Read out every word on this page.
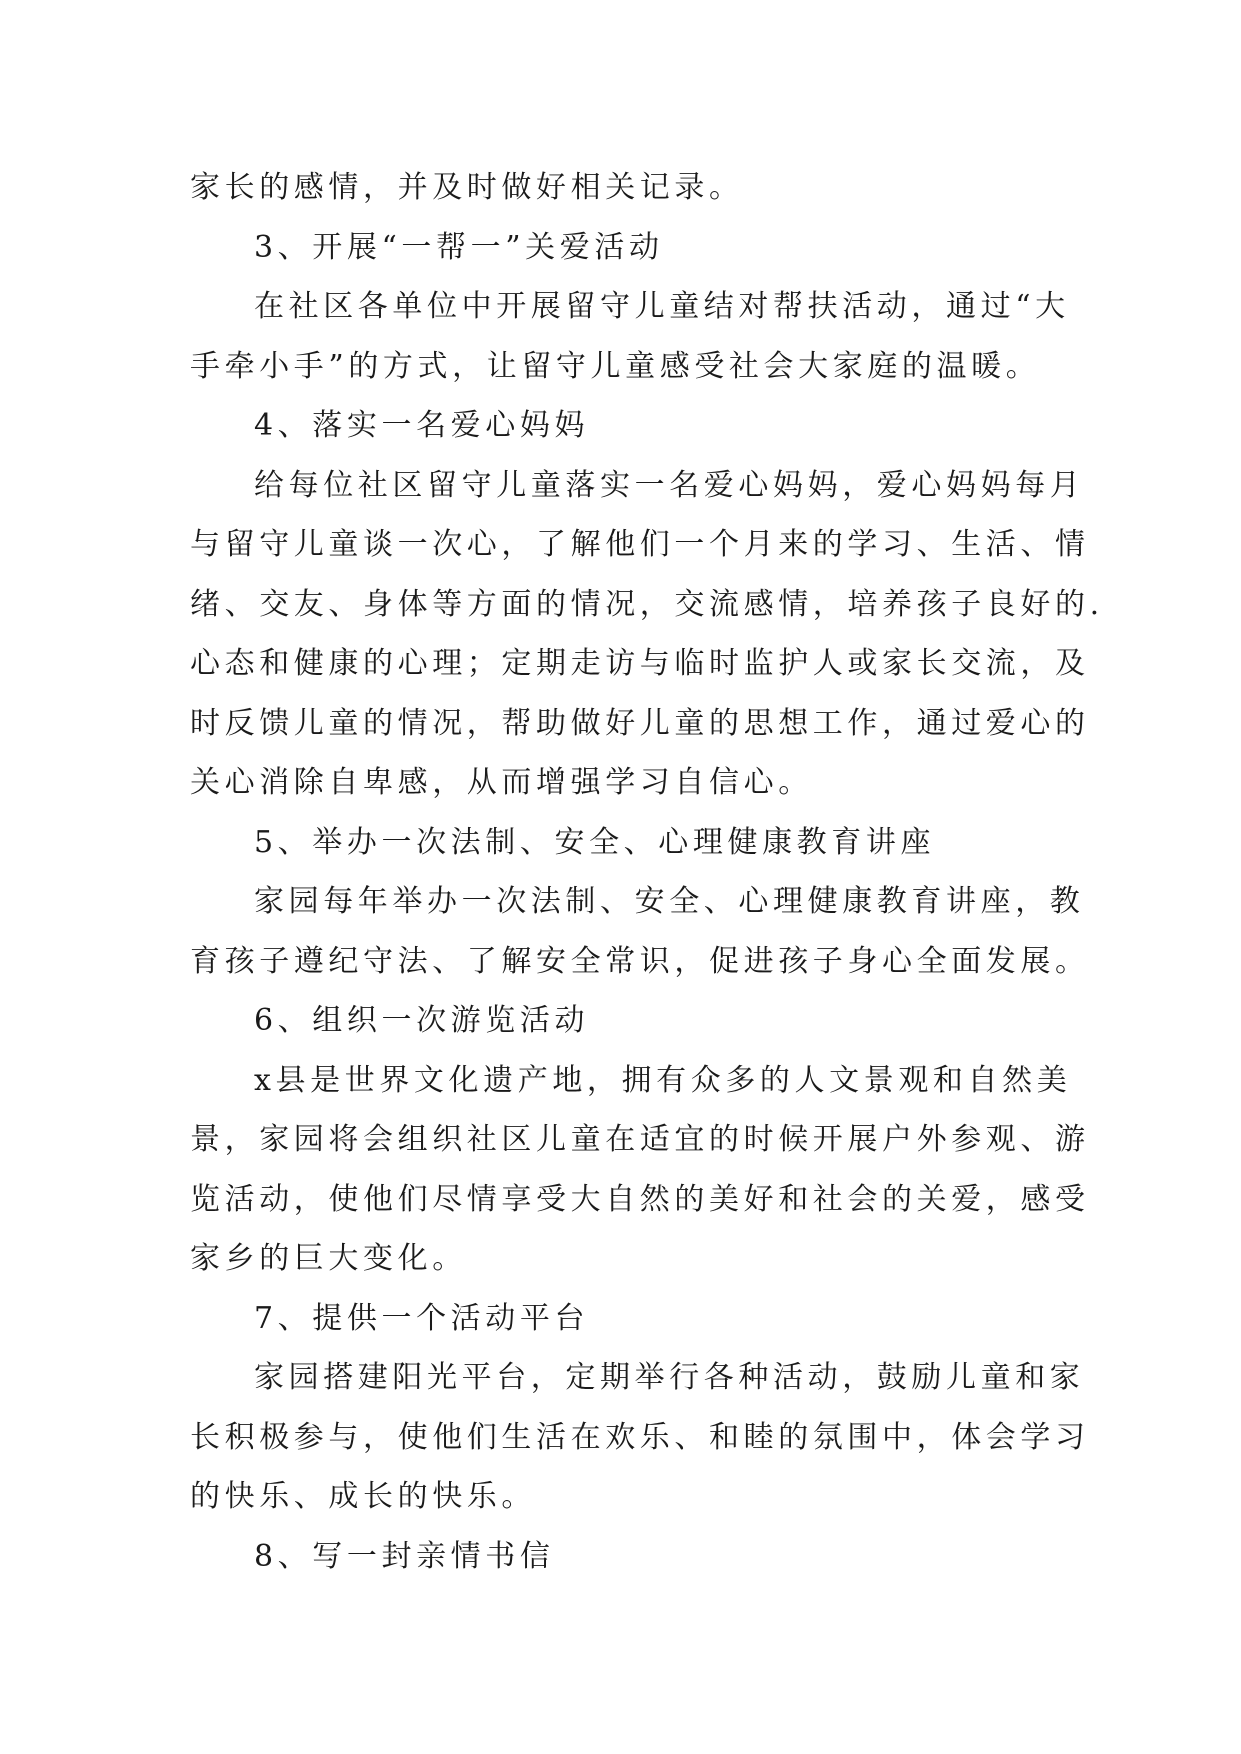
家长的感情，并及时做好相关记录。
3、开展“一帮一”关爱活动
在社区各单位中开展留守儿童结对帮扶活动，通过“大
手牵小手”的方式，让留守儿童感受社会大家庭的温暖。
4、落实一名爱心妈妈
给每位社区留守儿童落实一名爱心妈妈，爱心妈妈每月
与留守儿童谈一次心，了解他们一个月来的学习、生活、情
绪、交友、身体等方面的情况，交流感情，培养孩子良好的.
心态和健康的心理；定期走访与临时监护人或家长交流，及
时反馈儿童的情况，帮助做好儿童的思想工作，通过爱心的
关心消除自卑感，从而增强学习自信心。
5、举办一次法制、安全、心理健康教育讲座
家园每年举办一次法制、安全、心理健康教育讲座，教
育孩子遵纪守法、了解安全常识，促进孩子身心全面发展。
6、组织一次游览活动
x县是世界文化遗产地，拥有众多的人文景观和自然美
景，家园将会组织社区儿童在适宜的时候开展户外参观、游
览活动，使他们尽情享受大自然的美好和社会的关爱，感受
家乡的巨大变化。
7、提供一个活动平台
家园搭建阳光平台，定期举行各种活动，鼓励儿童和家
长积极参与，使他们生活在欢乐、和睦的氛围中，体会学习
的快乐、成长的快乐。
8、写一封亲情书信
